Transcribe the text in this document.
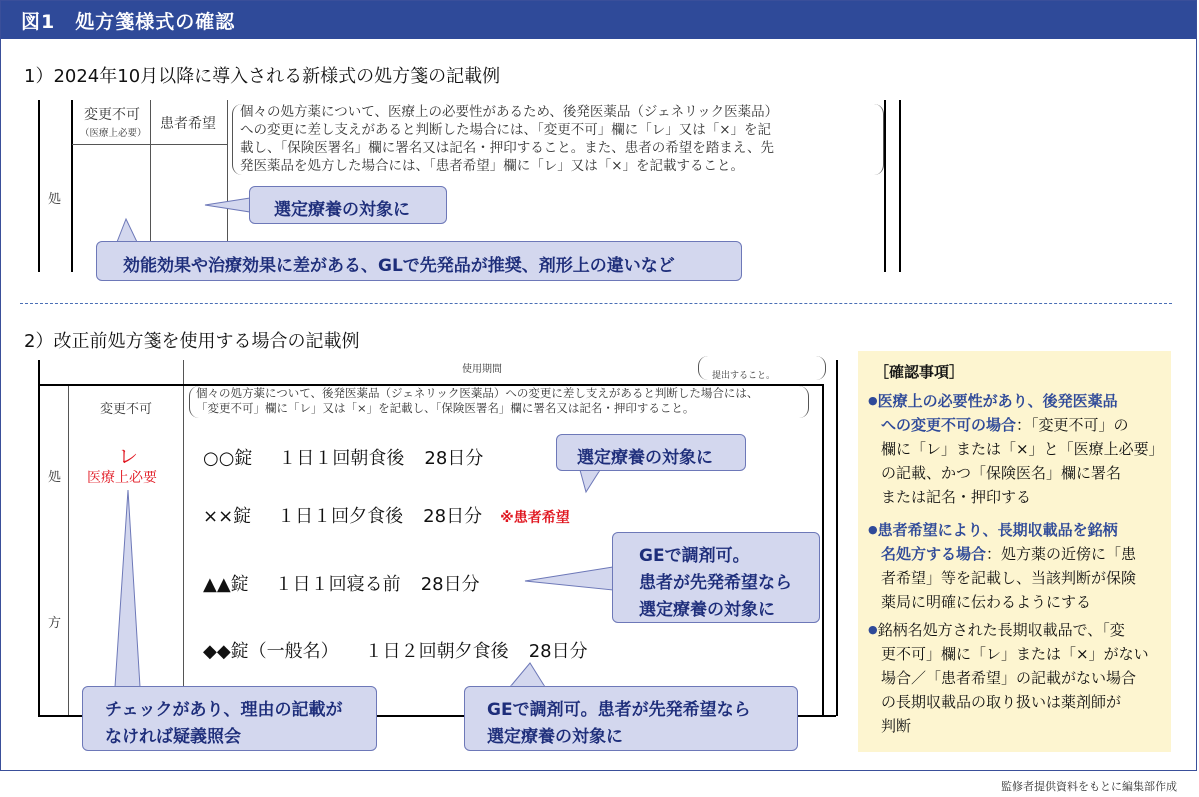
図1　処方箋様式の確認
1）2024年10月以降に導入される新様式の処方箋の記載例
変更不可
（医療上必要）
患者希望
処
個々の処方薬について、医療上の必要性があるため、後発医薬品（ジェネリック医薬品）
への変更に差し支えがあると判断した場合には、「変更不可」欄に「レ」又は「×」を記
載し、「保険医署名」欄に署名又は記名・押印すること。また、患者の希望を踏まえ、先
発医薬品を処方した場合には、「患者希望」欄に「レ」又は「×」を記載すること。
選定療養の対象に
効能効果や治療効果に差がある、GLで先発品が推奨、剤形上の違いなど
2）改正前処方箋を使用する場合の記載例
使用期間
提出すること。
変更不可
処
方
個々の処方薬について、後発医薬品（ジェネリック医薬品）への変更に差し支えがあると判断した場合には、
「変更不可」欄に「レ」又は「×」を記載し、「保険医署名」欄に署名又は記名・押印すること。
レ
医療上必要
○○錠 １日１回朝食後 28日分
××錠 １日１回夕食後 28日分 ※患者希望
▲▲錠 １日１回寝る前 28日分
◆◆錠（一般名） １日２回朝夕食後 28日分
選定療養の対象に
GEで調剤可。
患者が先発希望なら
選定療養の対象に
チェックがあり、理由の記載が
なければ疑義照会
GEで調剤可。患者が先発希望なら
選定療養の対象に
［確認事項］
●医療上の必要性があり、後発医薬品
への変更不可の場合：「変更不可」の
欄に「レ」または「×」と「医療上必要」
の記載、かつ「保険医名」欄に署名
または記名・押印する
●患者希望により、長期収載品を銘柄
名処方する場合：処方薬の近傍に「患
者希望」等を記載し、当該判断が保険
薬局に明確に伝わるようにする
●銘柄名処方された長期収載品で、「変
更不可」欄に「レ」または「×」がない
場合／「患者希望」の記載がない場合
の長期収載品の取り扱いは薬剤師が
判断
監修者提供資料をもとに編集部作成
